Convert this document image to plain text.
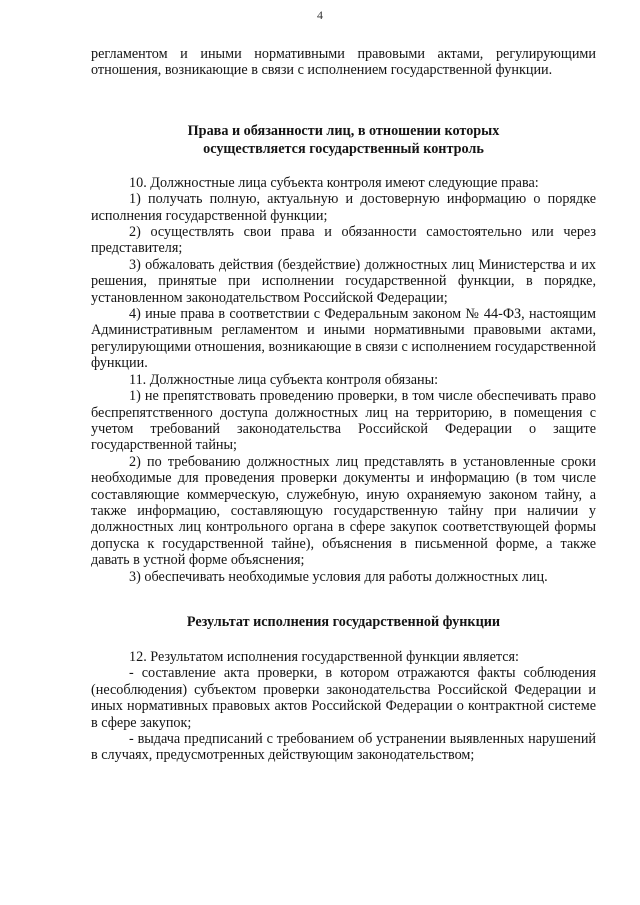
4

регламентом и иными нормативными правовыми актами, регулирующими отношения, возникающие в связи с исполнением государственной функции.

Права и обязанности лиц, в отношении которых

осуществляется государственный контроль

10. Должностные лица субъекта контроля имеют следующие права:

1) получать полную, актуальную и достоверную информацию о порядке исполнения государственной функции;

2) осуществлять свои права и обязанности самостоятельно или через представителя;

3) обжаловать действия (бездействие) должностных лиц Министерства и их решения, принятые при исполнении государственной функции, в порядке, установленном законодательством Российской Федерации;

4) иные права в соответствии с Федеральным законом № 44-ФЗ, настоящим Административным регламентом и иными нормативными правовыми актами, регулирующими отношения, возникающие в связи с исполнением государственной функции.

11. Должностные лица субъекта контроля обязаны:

1) не препятствовать проведению проверки, в том числе обеспечивать право беспрепятственного доступа должностных лиц на территорию, в помещения с учетом требований законодательства Российской Федерации о защите государственной тайны;

2) по требованию должностных лиц представлять в установленные сроки необходимые для проведения проверки документы и информацию (в том числе составляющие коммерческую, служебную, иную охраняемую законом тайну, а также информацию, составляющую государственную тайну при наличии у должностных лиц контрольного органа в сфере закупок соответствующей формы допуска к государственной тайне), объяснения в письменной форме, а также давать в устной форме объяснения;

3) обеспечивать необходимые условия для работы должностных лиц.

Результат исполнения государственной функции

12. Результатом исполнения государственной функции является:

- составление акта проверки, в котором отражаются факты соблюдения (несоблюдения) субъектом проверки законодательства Российской Федерации и иных нормативных правовых актов Российской Федерации о контрактной системе в сфере закупок;

- выдача предписаний с требованием об устранении выявленных нарушений в случаях, предусмотренных действующим законодательством;
